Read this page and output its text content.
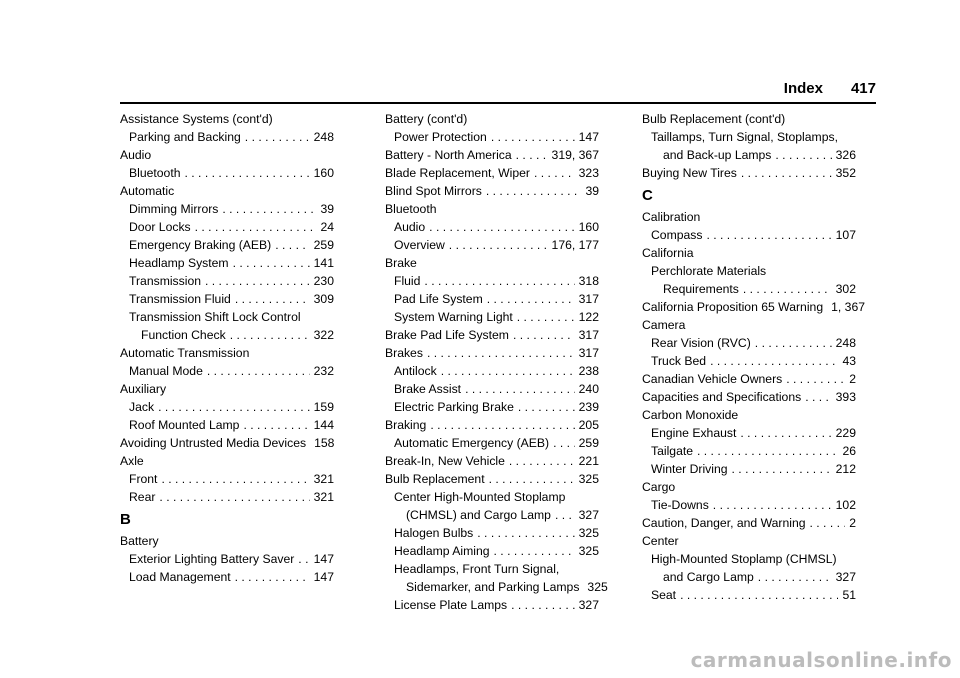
Index 417
Assistance Systems (cont'd)
Parking and Backing . . .	248
Audio
Bluetooth . . .	160
Automatic
Dimming Mirrors . . .	39
Door Locks . . .	24
Emergency Braking (AEB) . . .	259
Headlamp System . . .	141
Transmission . . .	230
Transmission Fluid . . .	309
Transmission Shift Lock Control
Function Check . . .	322
Automatic Transmission
Manual Mode . . .	232
Auxiliary
Jack . . .	159
Roof Mounted Lamp . . .	144
Avoiding Untrusted Media Devices 158
Axle
Front . . .	321
Rear . . .	321
B
Battery
Exterior Lighting Battery Saver . . . 147
Load Management . . .	147
Battery (cont'd)
Power Protection . . .	147
Battery - North America . . .	319, 367
Blade Replacement, Wiper . . .	323
Blind Spot Mirrors . . .	39
Bluetooth
Audio . . .	160
Overview . . .	176, 177
Brake
Fluid . . .	318
Pad Life System . . .	317
System Warning Light . . .	122
Brake Pad Life System . . .	317
Brakes . . .	317
Antilock . . .	238
Brake Assist . . .	240
Electric Parking Brake . . .	239
Braking . . .	205
Automatic Emergency (AEB) . . . 259
Break-In, New Vehicle . . .	221
Bulb Replacement . . .	325
Center High-Mounted Stoplamp
(CHMSL) and Cargo Lamp . . . 327
Halogen Bulbs . . .	325
Headlamp Aiming . . .	325
Headlamps, Front Turn Signal,
Sidemarker, and Parking Lamps 325
License Plate Lamps . . .	327
Bulb Replacement (cont'd)
Taillamps, Turn Signal, Stoplamps,
and Back-up Lamps . . .	326
Buying New Tires . . .	352
C
Calibration
Compass . . .	107
California
Perchlorate Materials
Requirements . . .	302
California Proposition 65 Warning 1, 367
Camera
Rear Vision (RVC) . . .	248
Truck Bed . . .	43
Canadian Vehicle Owners . . .	2
Capacities and Specifications . . .	393
Carbon Monoxide
Engine Exhaust . . .	229
Tailgate . . .	26
Winter Driving . . .	212
Cargo
Tie-Downs . . .	102
Caution, Danger, and Warning . . .	2
Center
High-Mounted Stoplamp (CHMSL)
and Cargo Lamp . . .	327
Seat . . .	51
carmanualsonline.info
